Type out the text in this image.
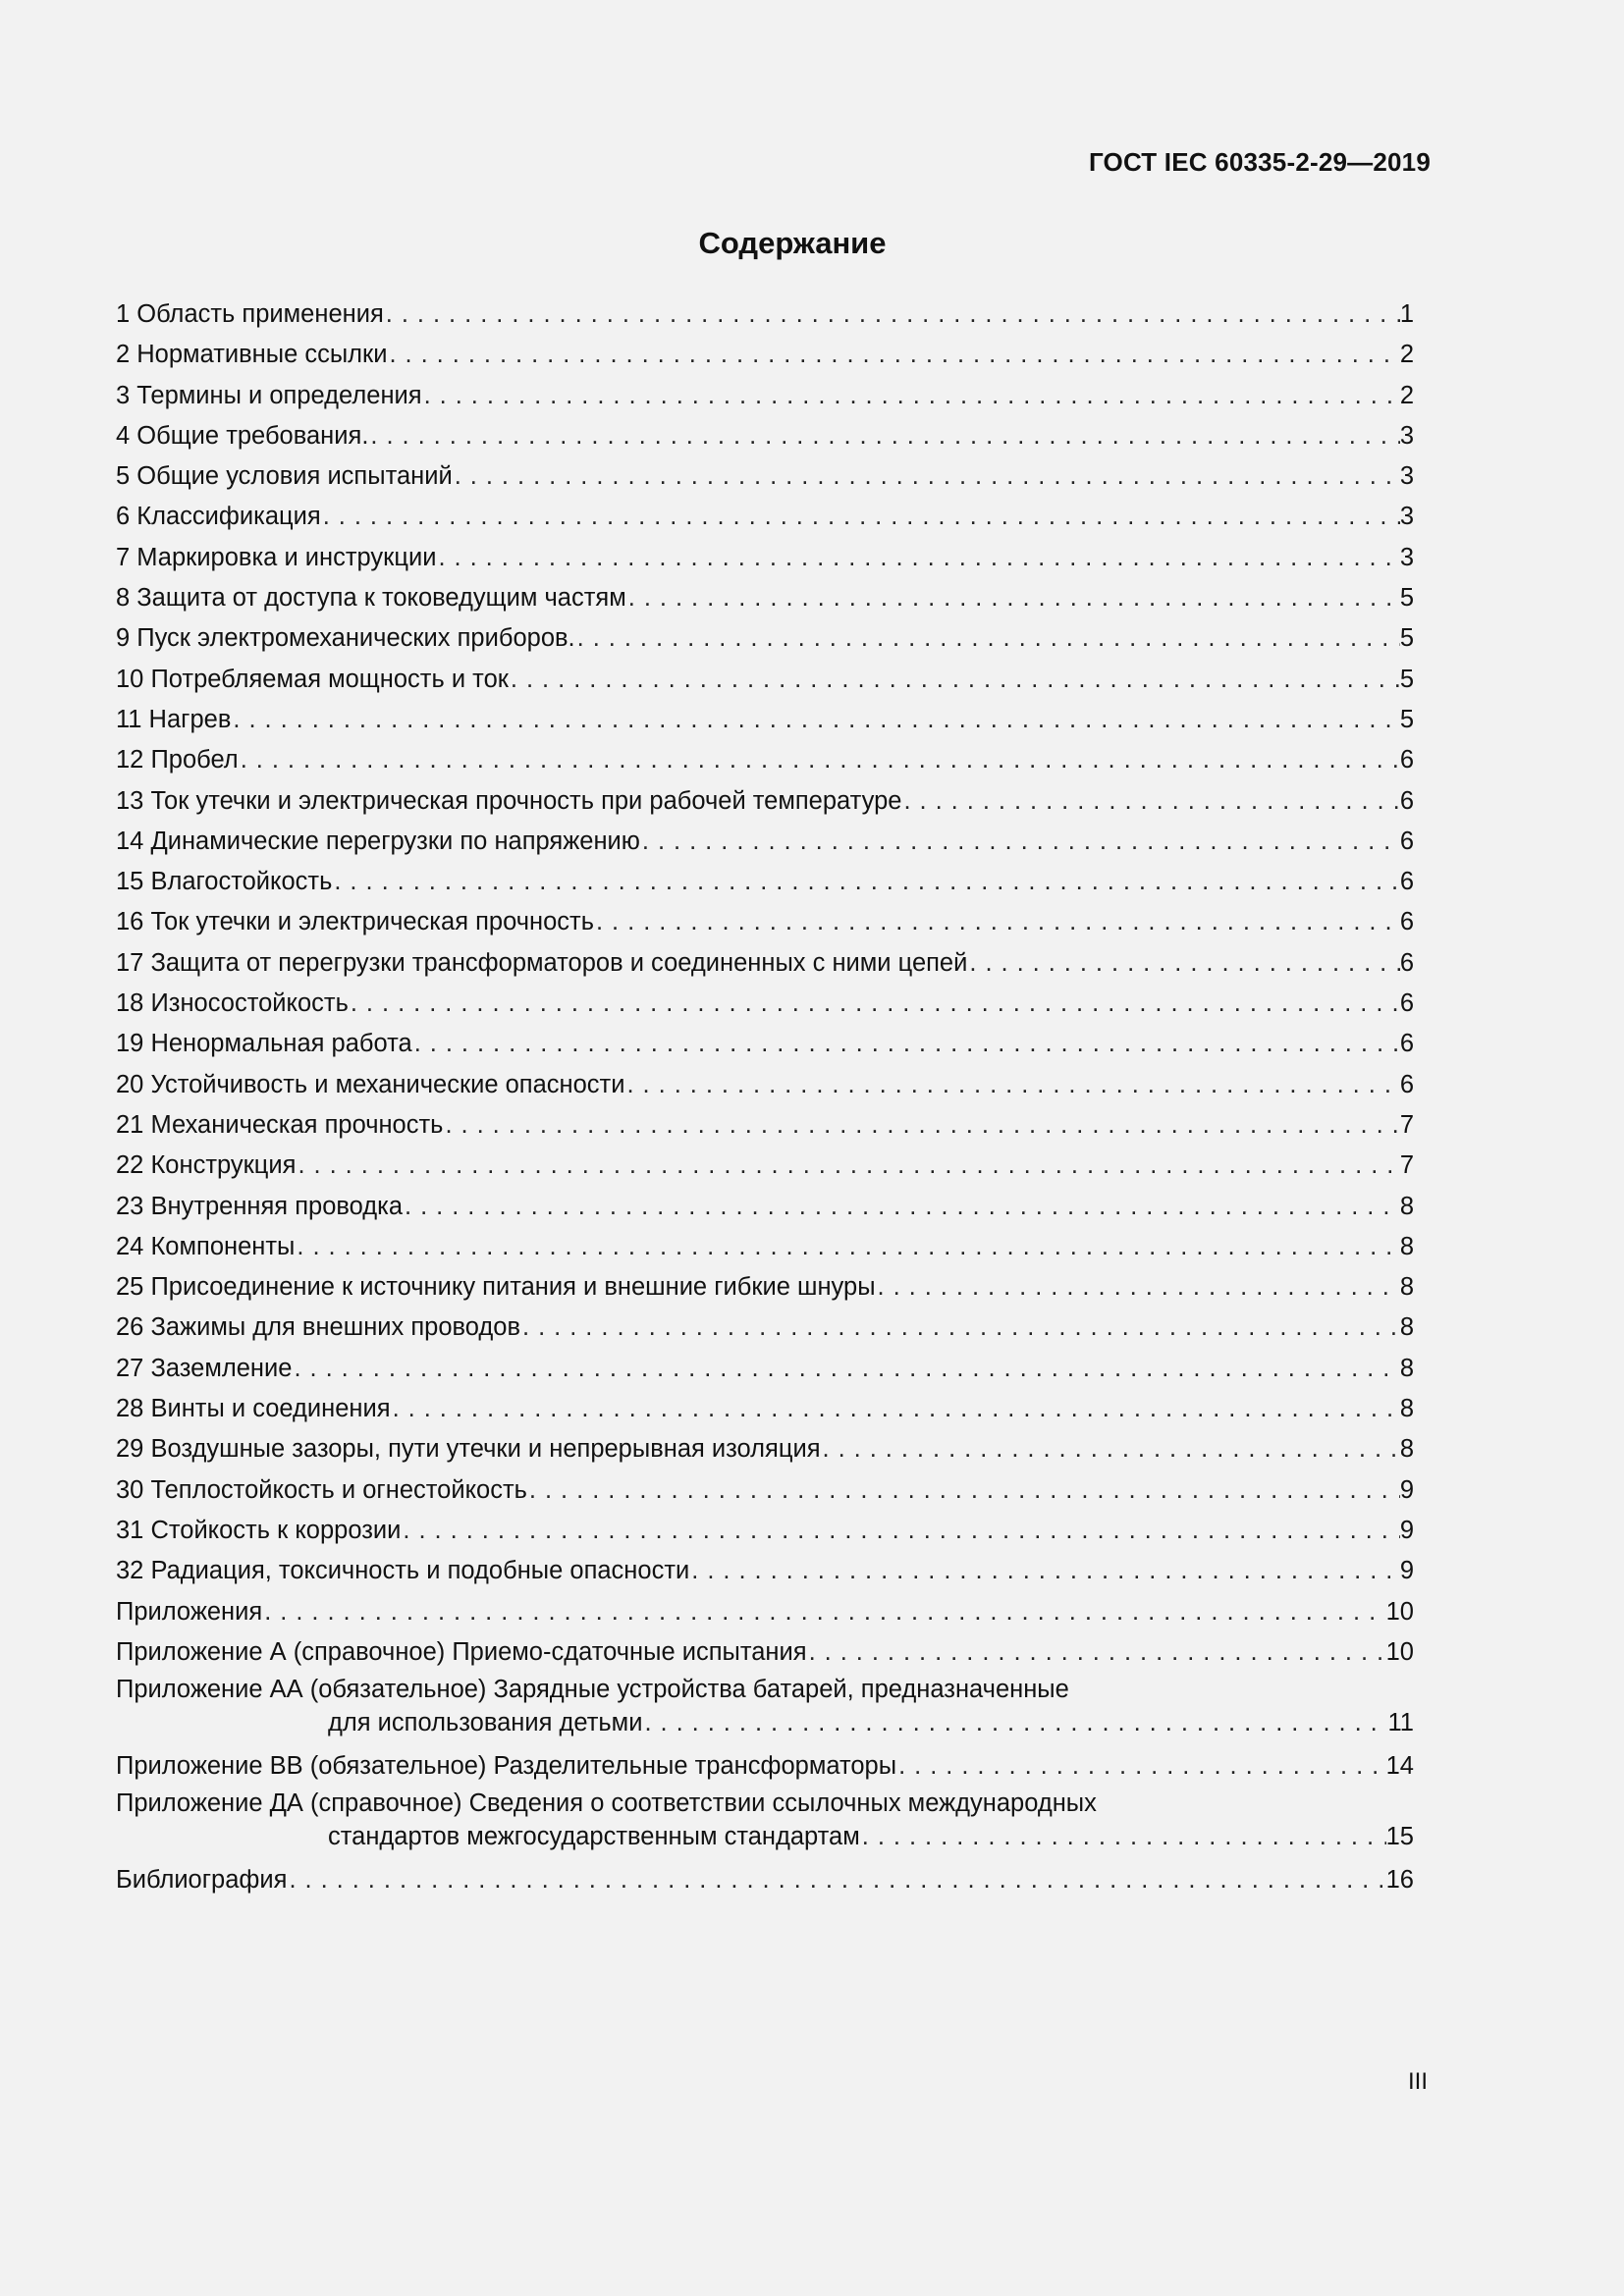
ГОСТ IEC 60335-2-29—2019
Содержание
1 Область применения . . .	1
2 Нормативные ссылки . . .	2
3 Термины и определения . . .	2
4 Общие требования. . . .	3
5 Общие условия испытаний . . .	3
6 Классификация . . .	3
7 Маркировка и инструкции . . .	3
8 Защита от доступа к токоведущим частям . . .	5
9 Пуск электромеханических приборов. . . .	5
10 Потребляемая мощность и ток . . .	5
11 Нагрев . . .	5
12 Пробел . . .	6
13 Ток утечки и электрическая прочность при рабочей температуре . . .	6
14 Динамические перегрузки по напряжению . . .	6
15 Влагостойкость . . .	6
16 Ток утечки и электрическая прочность . . .	6
17 Защита от перегрузки трансформаторов и соединенных с ними цепей . . .	6
18 Износостойкость . . .	6
19 Ненормальная работа . . .	6
20 Устойчивость и механические опасности . . .	6
21 Механическая прочность . . .	7
22 Конструкция . . .	7
23 Внутренняя проводка . . .	8
24 Компоненты . . .	8
25 Присоединение к источнику питания и внешние гибкие шнуры . . .	8
26 Зажимы для внешних проводов . . .	8
27 Заземление . . .	8
28 Винты и соединения . . .	8
29 Воздушные зазоры, пути утечки и непрерывная изоляция . . .	8
30 Теплостойкость и огнестойкость . . .	9
31 Стойкость к коррозии . . .	9
32 Радиация, токсичность и подобные опасности . . .	9
Приложения . . .	10
Приложение А (справочное) Приемо-сдаточные испытания . . .	10
Приложение АА (обязательное) Зарядные устройства батарей, предназначенные
для использования детьми . . .	11
Приложение ВВ (обязательное) Разделительные трансформаторы . . .	14
Приложение ДА (справочное) Сведения о соответствии ссылочных международных
стандартов межгосударственным стандартам . . .	15
Библиография . . .	16
III
